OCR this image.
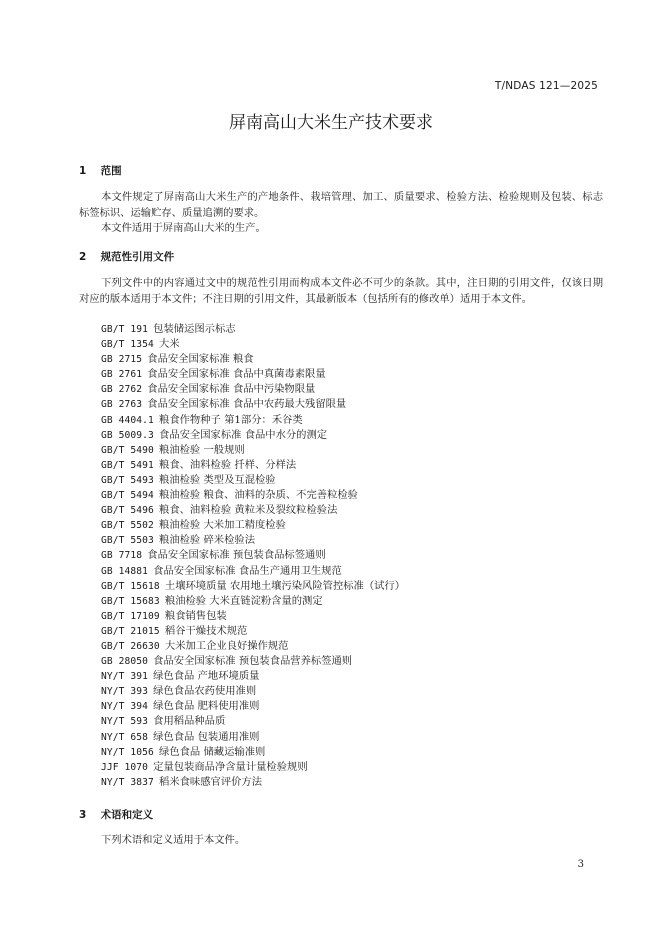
T/NDAS 121—2025
屏南高山大米生产技术要求
1 范围

本文件规定了屏南高山大米生产的产地条件、栽培管理、加工、质量要求、检验方法、检验规则及包装、标志标签标识、运输贮存、质量追溯的要求。

本文件适用于屏南高山大米的生产。

2 规范性引用文件

下列文件中的内容通过文中的规范性引用而构成本文件必不可少的条款。其中，注日期的引用文件，仅该日期对应的版本适用于本文件；不注日期的引用文件，其最新版本（包括所有的修改单）适用于本文件。

GB/T 191  包装储运图示标志
GB/T 1354  大米
GB 2715  食品安全国家标准 粮食
GB 2761  食品安全国家标准 食品中真菌毒素限量
GB 2762  食品安全国家标准 食品中污染物限量
GB 2763  食品安全国家标准 食品中农药最大残留限量
GB 4404.1  粮食作物种子 第1部分：禾谷类
GB 5009.3  食品安全国家标准 食品中水分的测定
GB/T 5490  粮油检验 一般规则
GB/T 5491  粮食、油料检验 扦样、分样法
GB/T 5493  粮油检验 类型及互混检验
GB/T 5494  粮油检验 粮食、油料的杂质、不完善粒检验
GB/T 5496  粮食、油料检验 黄粒米及裂纹粒检验法
GB/T 5502  粮油检验 大米加工精度检验
GB/T 5503  粮油检验 碎米检验法
GB 7718  食品安全国家标准 预包装食品标签通则
GB 14881  食品安全国家标准 食品生产通用卫生规范
GB/T 15618  土壤环境质量 农用地土壤污染风险管控标准（试行）
GB/T 15683  粮油检验 大米直链淀粉含量的测定
GB/T 17109  粮食销售包装
GB/T 21015  稻谷干燥技术规范
GB/T 26630  大米加工企业良好操作规范
GB 28050  食品安全国家标准 预包装食品营养标签通则
NY/T 391  绿色食品 产地环境质量
NY/T 393  绿色食品农药使用准则
NY/T 394  绿色食品 肥料使用准则
NY/T 593  食用稻品种品质
NY/T 658  绿色食品 包装通用准则
NY/T 1056  绿色食品 储藏运输准则
JJF 1070  定量包装商品净含量计量检验规则
NY/T 3837  稻米食味感官评价方法
3 术语和定义

下列术语和定义适用于本文件。

3
